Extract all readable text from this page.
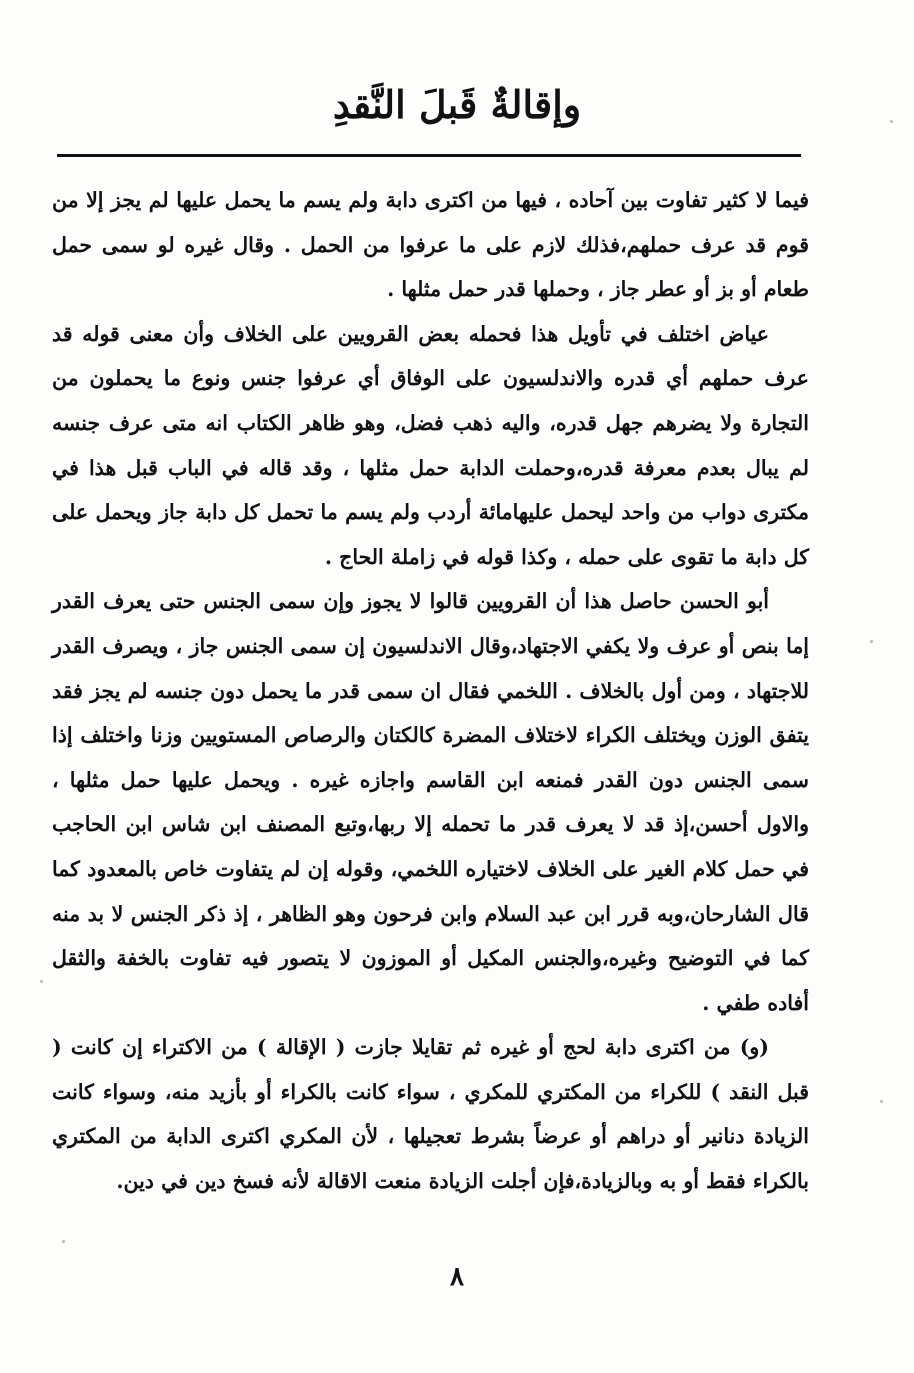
وإقالةٌ قَبلَ النَّقدِ

فيما لا كثير تفاوت بين آحاده ، فيها من اكترى دابة ولم يسم ما يحمل عليها لم يجز إلا من قوم قد عرف حملهم،فذلك لازم على ما عرفوا من الحمل . وقال غيره لو سمى حمل طعام أو بز أو عطر جاز ، وحملها قدر حمل مثلها .

عياض اختلف في تأويل هذا فحمله بعض القرويين على الخلاف وأن معنى قوله قد عرف حملهم أي قدره والاندلسيون على الوفاق أي عرفوا جنس ونوع ما يحملون من التجارة ولا يضرهم جهل قدره، واليه ذهب فضل، وهو ظاهر الكتاب انه متى عرف جنسه لم يبال بعدم معرفة قدره،وحملت الدابة حمل مثلها ، وقد قاله في الباب قبل هذا في مكترى دواب من واحد ليحمل عليهامائة أردب ولم يسم ما تحمل كل دابة جاز ويحمل على كل دابة ما تقوى على حمله ، وكذا قوله في زاملة الحاج .

أبو الحسن حاصل هذا أن القرويين قالوا لا يجوز وإن سمى الجنس حتى يعرف القدر إما بنص أو عرف ولا يكفي الاجتهاد،وقال الاندلسيون إن سمى الجنس جاز ، ويصرف القدر للاجتهاد ، ومن أول بالخلاف . اللخمي فقال ان سمى قدر ما يحمل دون جنسه لم يجز فقد يتفق الوزن ويختلف الكراء لاختلاف المضرة كالكتان والرصاص المستويين وزنا واختلف إذا سمى الجنس دون القدر فمنعه ابن القاسم واجازه غيره . ويحمل عليها حمل مثلها ، والاول أحسن،إذ قد لا يعرف قدر ما تحمله إلا ربها،وتبع المصنف ابن شاس ابن الحاجب في حمل كلام الغير على الخلاف لاختياره اللخمي، وقوله إن لم يتفاوت خاص بالمعدود كما قال الشارحان،وبه قرر ابن عبد السلام وابن فرحون وهو الظاهر ، إذ ذكر الجنس لا بد منه كما في التوضيح وغيره،والجنس المكيل أو الموزون لا يتصور فيه تفاوت بالخفة والثقل أفاده طفي .

(و) من اكترى دابة لحج أو غيره ثم تقايلا جازت ( الإقالة ) من الاكتراء إن كانت ( قبل النقد ) للكراء من المكتري للمكري ، سواء كانت بالكراء أو بأزيد منه، وسواء كانت الزيادة دنانير أو دراهم أو عرضاً بشرط تعجيلها ، لأن المكري اكترى الدابة من المكتري بالكراء فقط أو به وبالزيادة،فإن أجلت الزيادة منعت الاقالة لأنه فسخ دين في دين.

٨
